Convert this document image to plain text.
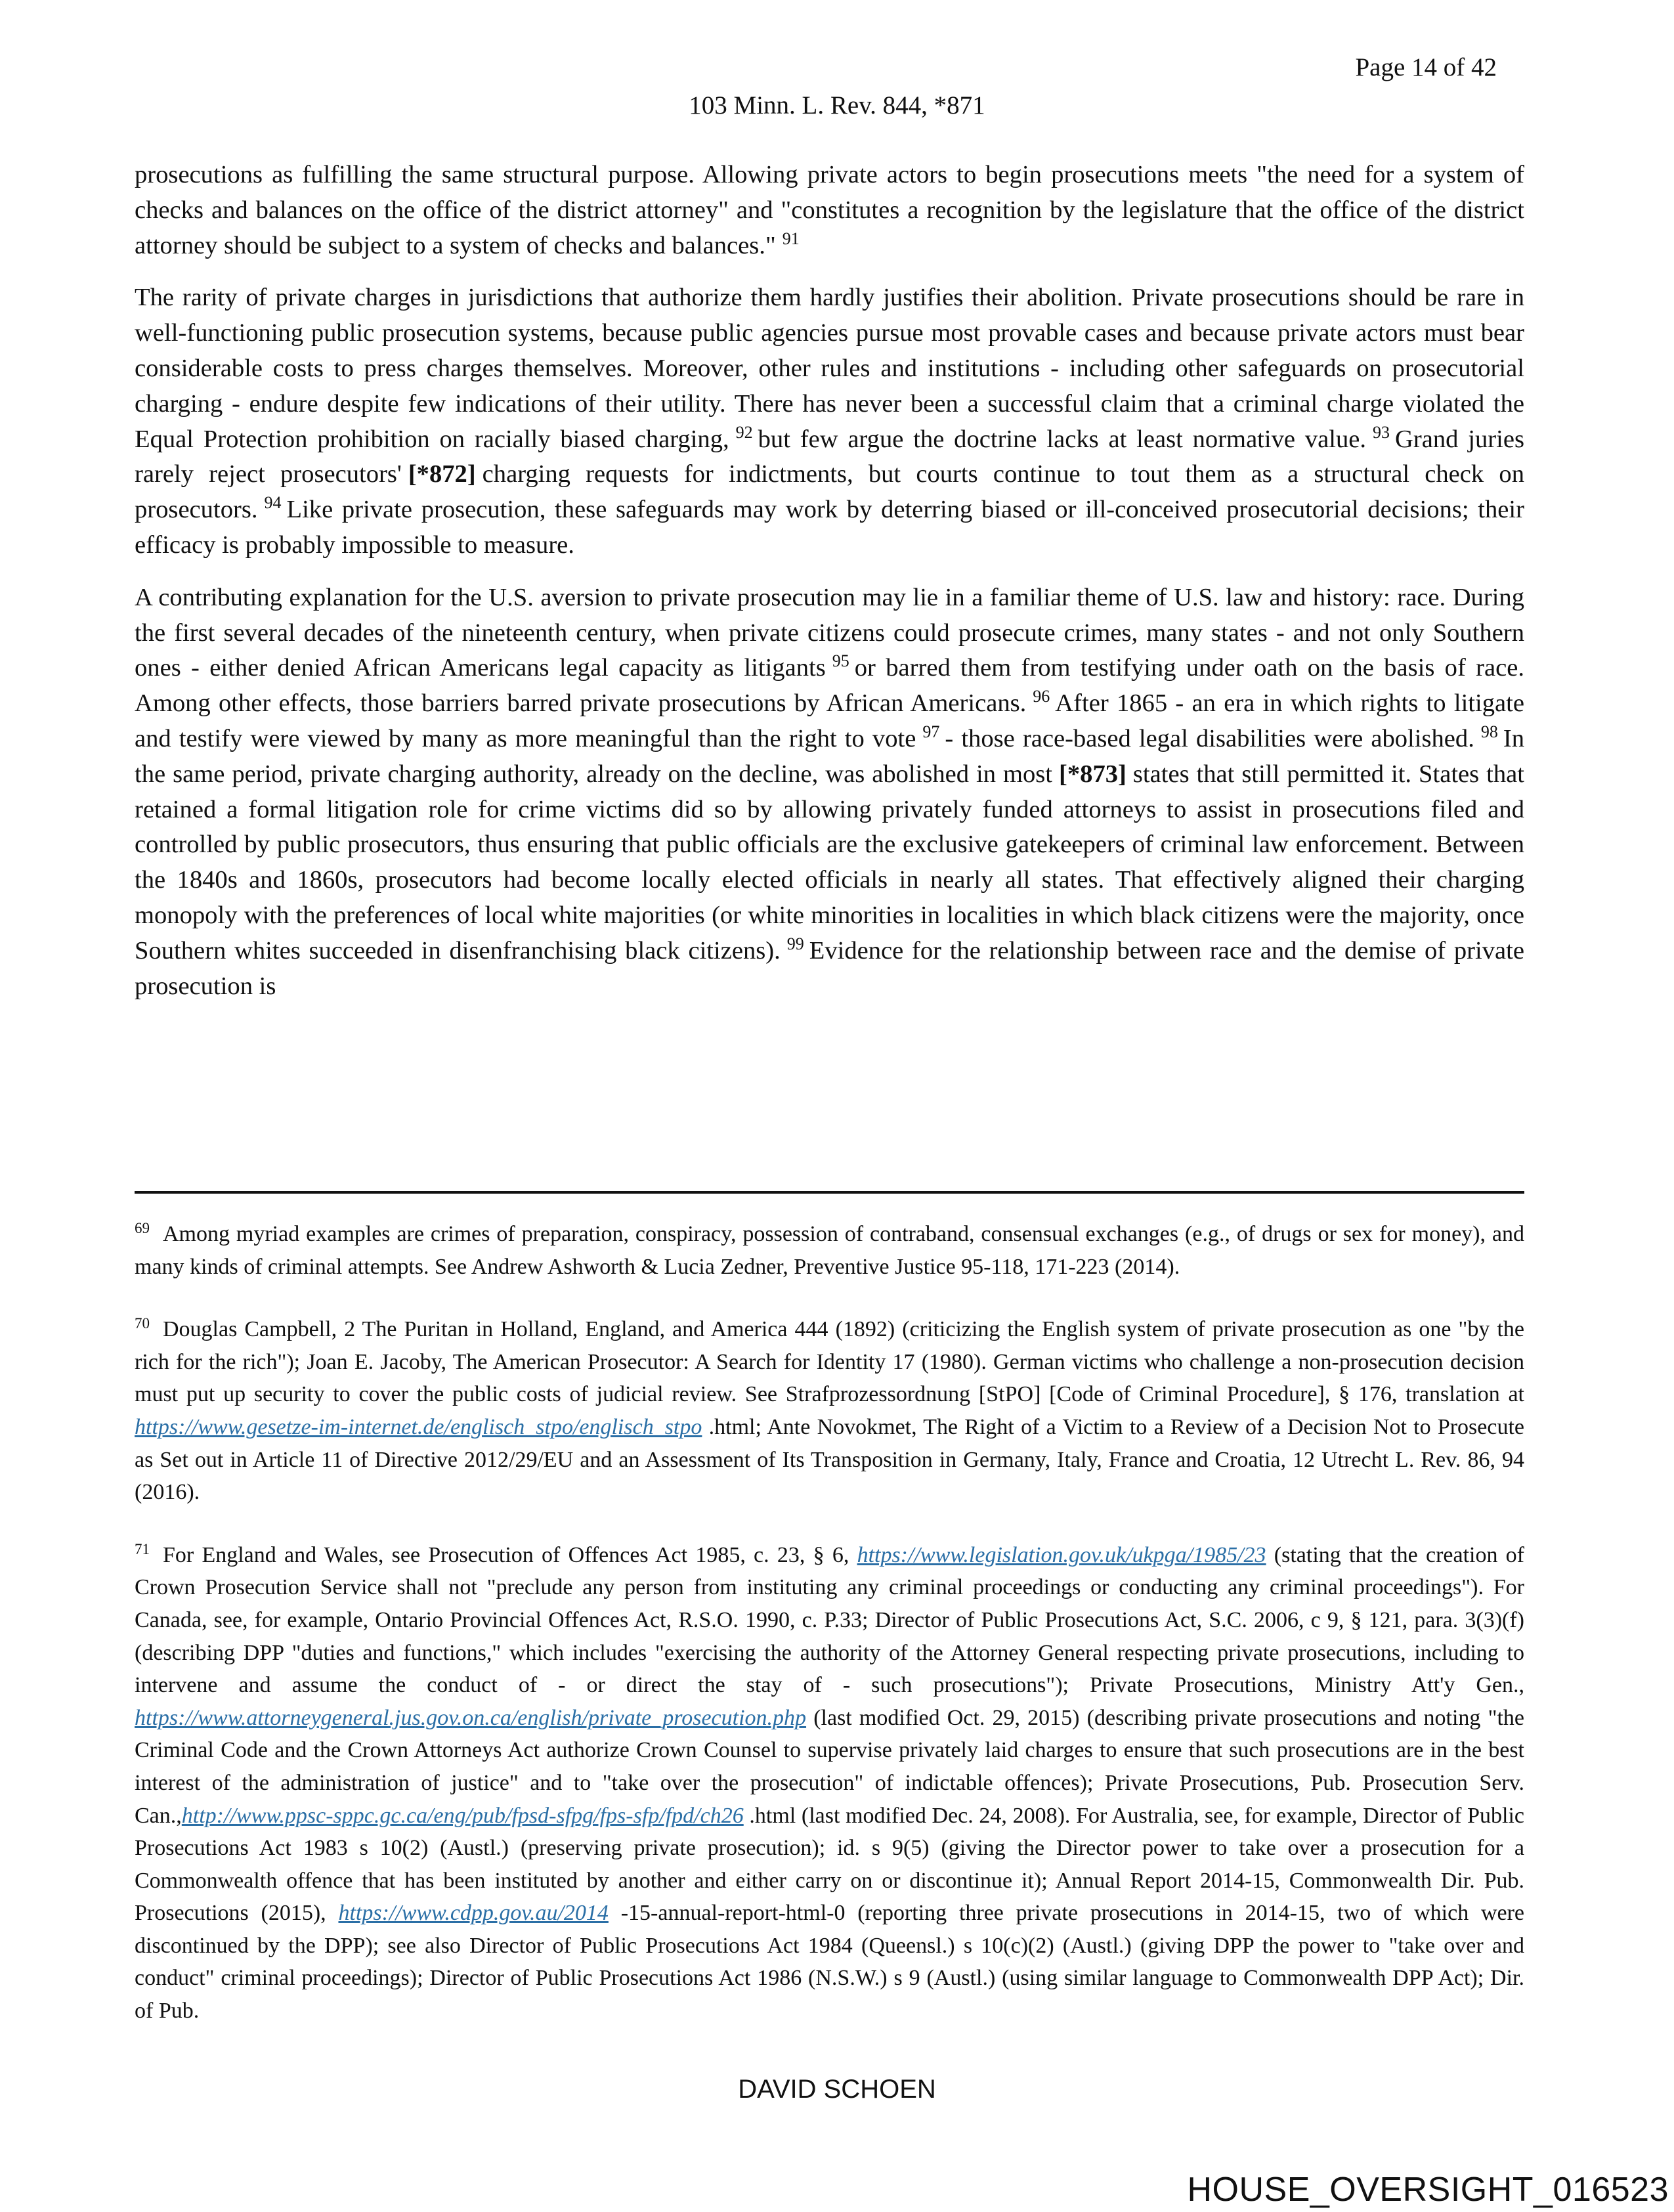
Page 14 of 42
103 Minn. L. Rev. 844, *871

prosecutions as fulfilling the same structural purpose. Allowing private actors to begin prosecutions meets "the need for a system of checks and balances on the office of the district attorney" and "constitutes a recognition by the legislature that the office of the district attorney should be subject to a system of checks and balances." $^{91}$

The rarity of private charges in jurisdictions that authorize them hardly justifies their abolition. Private prosecutions should be rare in well-functioning public prosecution systems, because public agencies pursue most provable cases and because private actors must bear considerable costs to press charges themselves. Moreover, other rules and institutions - including other safeguards on prosecutorial charging - endure despite few indications of their utility. There has never been a successful claim that a criminal charge violated the Equal Protection prohibition on racially biased charging, $^{92}$ but few argue the doctrine lacks at least normative value. $^{93}$ Grand juries rarely reject prosecutors' [*872] charging requests for indictments, but courts continue to tout them as a structural check on prosecutors. $^{94}$ Like private prosecution, these safeguards may work by deterring biased or ill-conceived prosecutorial decisions; their efficacy is probably impossible to measure.

A contributing explanation for the U.S. aversion to private prosecution may lie in a familiar theme of U.S. law and history: race. During the first several decades of the nineteenth century, when private citizens could prosecute crimes, many states - and not only Southern ones - either denied African Americans legal capacity as litigants $^{95}$ or barred them from testifying under oath on the basis of race. Among other effects, those barriers barred private prosecutions by African Americans. $^{96}$ After 1865 - an era in which rights to litigate and testify were viewed by many as more meaningful than the right to vote $^{97}$ - those race-based legal disabilities were abolished. $^{98}$ In the same period, private charging authority, already on the decline, was abolished in most [*873] states that still permitted it. States that retained a formal litigation role for crime victims did so by allowing privately funded attorneys to assist in prosecutions filed and controlled by public prosecutors, thus ensuring that public officials are the exclusive gatekeepers of criminal law enforcement. Between the 1840s and 1860s, prosecutors had become locally elected officials in nearly all states. That effectively aligned their charging monopoly with the preferences of local white majorities (or white minorities in localities in which black citizens were the majority, once Southern whites succeeded in disenfranchising black citizens). $^{99}$ Evidence for the relationship between race and the demise of private prosecution is

$^{69}$ Among myriad examples are crimes of preparation, conspiracy, possession of contraband, consensual exchanges (e.g., of drugs or sex for money), and many kinds of criminal attempts. See Andrew Ashworth & Lucia Zedner, Preventive Justice 95-118, 171-223 (2014).
$^{70}$ Douglas Campbell, 2 The Puritan in Holland, England, and America 444 (1892) (criticizing the English system of private prosecution as one "by the rich for the rich"); Joan E. Jacoby, The American Prosecutor: A Search for Identity 17 (1980). German victims who challenge a non-prosecution decision must put up security to cover the public costs of judicial review. See Strafprozessordnung [StPO] [Code of Criminal Procedure], § 176, translation at https://www.gesetze-im-internet.de/englisch_stpo/englisch_stpo .html; Ante Novokmet, The Right of a Victim to a Review of a Decision Not to Prosecute as Set out in Article 11 of Directive 2012/29/EU and an Assessment of Its Transposition in Germany, Italy, France and Croatia, 12 Utrecht L. Rev. 86, 94 (2016).
$^{71}$ For England and Wales, see Prosecution of Offences Act 1985, c. 23, § 6, https://www.legislation.gov.uk/ukpga/1985/23 (stating that the creation of Crown Prosecution Service shall not "preclude any person from instituting any criminal proceedings or conducting any criminal proceedings"). For Canada, see, for example, Ontario Provincial Offences Act, R.S.O. 1990, c. P.33; Director of Public Prosecutions Act, S.C. 2006, c 9, § 121, para. 3(3)(f) (describing DPP "duties and functions," which includes "exercising the authority of the Attorney General respecting private prosecutions, including to intervene and assume the conduct of - or direct the stay of - such prosecutions"); Private Prosecutions, Ministry Att'y Gen., https://www.attorneygeneral.jus.gov.on.ca/english/private_prosecution.php (last modified Oct. 29, 2015) (describing private prosecutions and noting "the Criminal Code and the Crown Attorneys Act authorize Crown Counsel to supervise privately laid charges to ensure that such prosecutions are in the best interest of the administration of justice" and to "take over the prosecution" of indictable offences); Private Prosecutions, Pub. Prosecution Serv. Can.,http://www.ppsc-sppc.gc.ca/eng/pub/fpsd-sfpg/fps-sfp/fpd/ch26 .html (last modified Dec. 24, 2008). For Australia, see, for example, Director of Public Prosecutions Act 1983 s 10(2) (Austl.) (preserving private prosecution); id. s 9(5) (giving the Director power to take over a prosecution for a Commonwealth offence that has been instituted by another and either carry on or discontinue it); Annual Report 2014-15, Commonwealth Dir. Pub. Prosecutions (2015), https://www.cdpp.gov.au/2014 -15-annual-report-html-0 (reporting three private prosecutions in 2014-15, two of which were discontinued by the DPP); see also Director of Public Prosecutions Act 1984 (Queensl.) s 10(c)(2) (Austl.) (giving DPP the power to "take over and conduct" criminal proceedings); Director of Public Prosecutions Act 1986 (N.S.W.) s 9 (Austl.) (using similar language to Commonwealth DPP Act); Dir. of Pub.
DAVID SCHOEN
HOUSE_OVERSIGHT_016523
